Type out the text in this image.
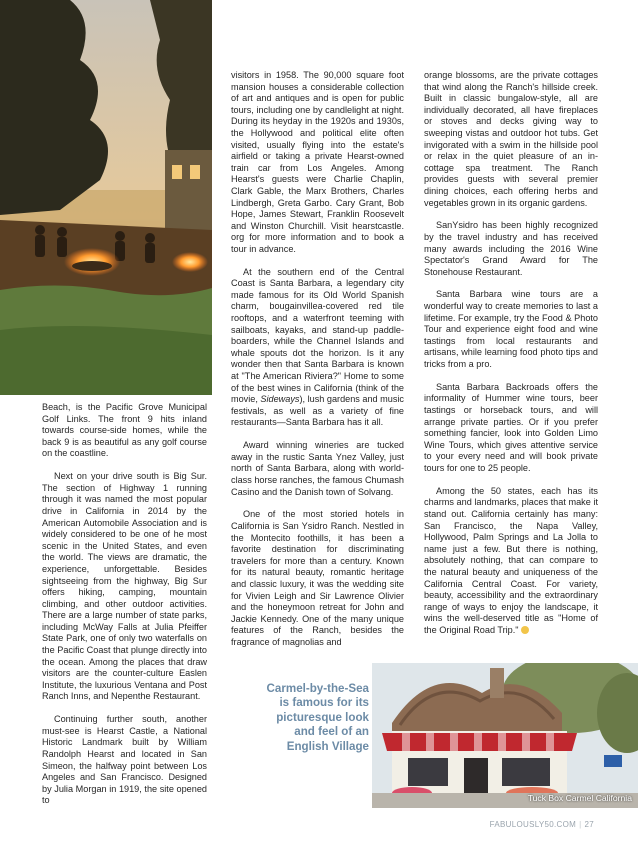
Beach, is the Pacific Grove Municipal Golf Links. The front 9 hits inland towards course-side homes, while the back 9 is as beautiful as any golf course on the coastline.

Next on your drive south is Big Sur. The section of Highway 1 running through it was named the most popular drive in California in 2014 by the American Automobile Association and is widely considered to be one of he most scenic in the United States, and even the world. The views are dramatic, the experience, unforgettable. Besides sightseeing from the highway, Big Sur offers hiking, camping, mountain climbing, and other outdoor activities. There are a large number of state parks, including McWay Falls at Julia Pfeiffer State Park, one of only two waterfalls on the Pacific Coast that plunge directly into the ocean. Among the places that draw visitors are the counter-culture Easlen Institute, the luxurious Ventana and Post Ranch Inns, and Nepenthe Restaurant.

Continuing further south, another must-see is Hearst Castle, a National Historic Landmark built by William Randolph Hearst and located in San Simeon, the halfway point between Los Angeles and San Francisco. Designed by Julia Morgan in 1919, the site opened to

visitors in 1958. The 90,000 square foot mansion houses a considerable collection of art and antiques and is open for public tours, including one by candlelight at night. During its heyday in the 1920s and 1930s, the Hollywood and political elite often visited, usually flying into the estate's airfield or taking a private Hearst-owned train car from Los Angeles. Among Hearst's guests were Charlie Chaplin, Clark Gable, the Marx Brothers, Charles Lindbergh, Greta Garbo. Cary Grant, Bob Hope, James Stewart, Franklin Roosevelt and Winston Churchill. Visit hearstcastle. org for more information and to book a tour in advance.

At the southern end of the Central Coast is Santa Barbara, a legendary city made famous for its Old World Spanish charm, bougainvillea-covered red tile rooftops, and a waterfront teeming with sailboats, kayaks, and stand-up paddle-boarders, while the Channel Islands and whale spouts dot the horizon. Is it any wonder then that Santa Barbara is known at "The American Riviera?" Home to some of the best wines in California (think of the movie, Sideways), lush gardens and music festivals, as well as a variety of fine restaurants—Santa Barbara has it all.

Award winning wineries are tucked away in the rustic Santa Ynez Valley, just north of Santa Barbara, along with world-class horse ranches, the famous Chumash Casino and the Danish town of Solvang.

One of the most storied hotels in California is San Ysidro Ranch. Nestled in the Montecito foothills, it has been a favorite destination for discriminating travelers for more than a century. Known for its natural beauty, romantic heritage and classic luxury, it was the wedding site for Vivien Leigh and Sir Lawrence Olivier and the honeymoon retreat for John and Jackie Kennedy. One of the many unique features of the Ranch, besides the fragrance of magnolias and

orange blossoms, are the private cottages that wind along the Ranch's hillside creek. Built in classic bungalow-style, all are individually decorated, all have fireplaces or stoves and decks giving way to sweeping vistas and outdoor hot tubs. Get invigorated with a swim in the hillside pool or relax in the quiet pleasure of an in-cottage spa treatment. The Ranch provides guests with several premier dining choices, each offering herbs and vegetables grown in its organic gardens.

SanYsidro has been highly recognized by the travel industry and has received many awards including the 2016 Wine Spectator's Grand Award for The Stonehouse Restaurant.

Santa Barbara wine tours are a wonderful way to create memories to last a lifetime. For example, try the Food & Photo Tour and experience eight food and wine tastings from local restaurants and artisans, while learning food photo tips and tricks from a pro.

Santa Barbara Backroads offers the informality of Hummer wine tours, beer tastings or horseback tours, and will arrange private parties. Or if you prefer something fancier, look into Golden Limo Wine Tours, which gives attentive service to your every need and will book private tours for one to 25 people.

Among the 50 states, each has its charms and landmarks, places that make it stand out. California certainly has many: San Francisco, the Napa Valley, Hollywood, Palm Springs and La Jolla to name just a few. But there is nothing, absolutely nothing, that can compare to the natural beauty and uniqueness of the California Central Coast. For variety, beauty, accessibility and the extraordinary range of ways to enjoy the landscape, it wins the well-deserved title as "Home of the Original Road Trip."

Carmel-by-the-Sea
is famous for its
picturesque look
and feel of an
English Village
Tuck Box Carmel California
FABULOUSLY50.COM | 27
